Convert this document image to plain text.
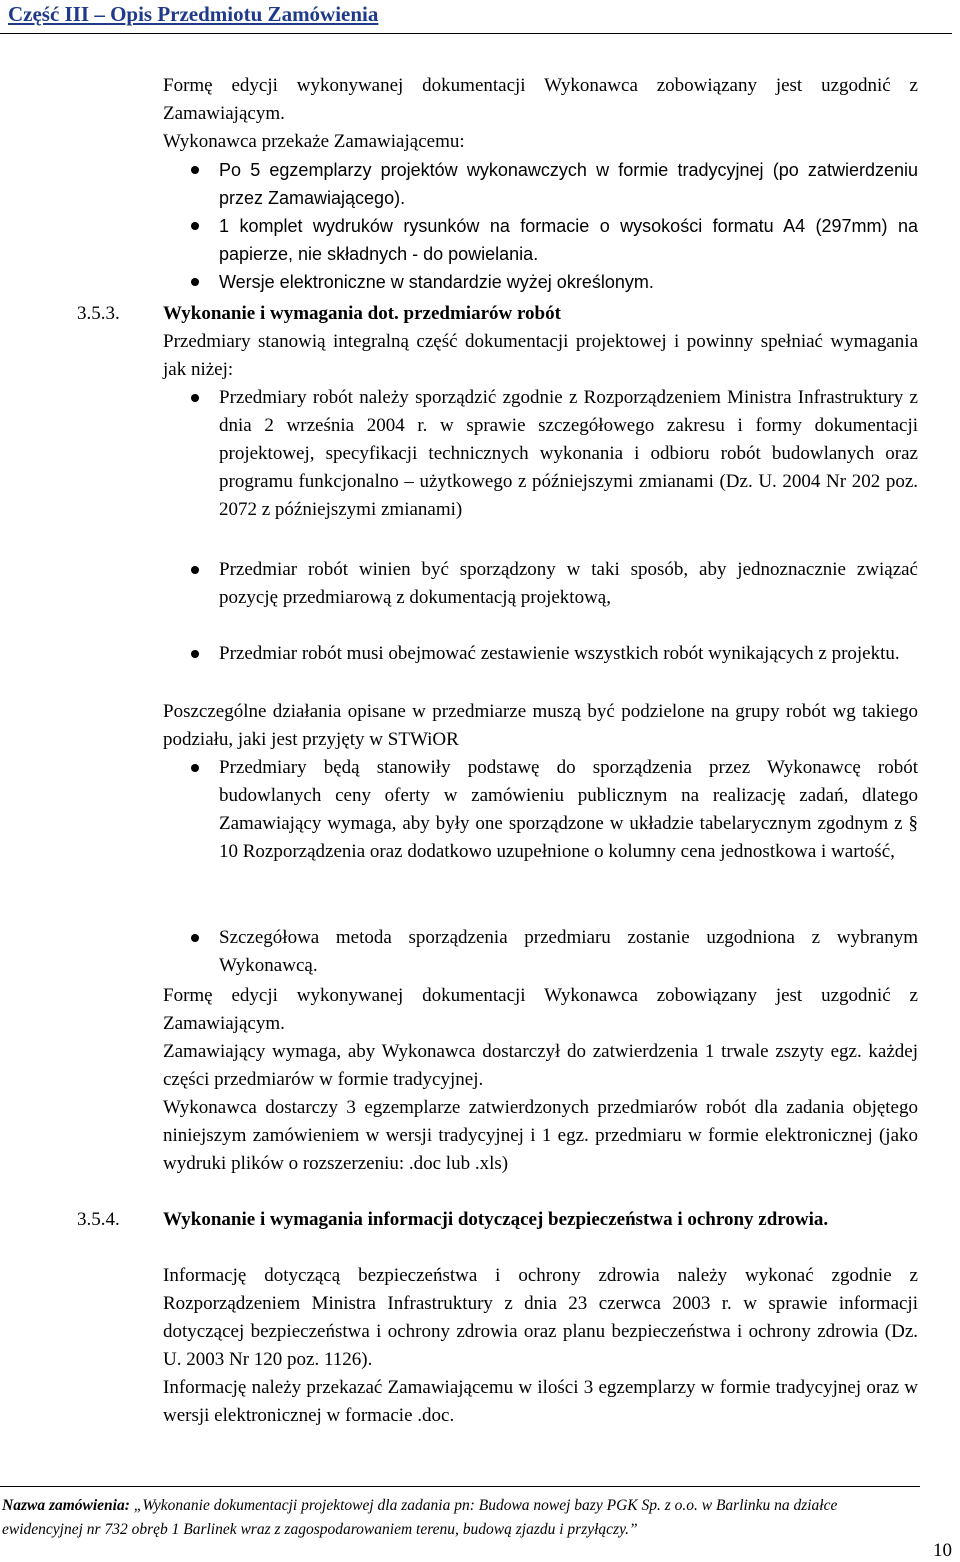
Część III – Opis Przedmiotu Zamówienia
Formę edycji wykonywanej dokumentacji Wykonawca zobowiązany jest uzgodnić z Zamawiającym.
Wykonawca przekaże Zamawiającemu:
Po 5 egzemplarzy projektów wykonawczych w formie tradycyjnej (po zatwierdzeniu przez Zamawiającego).
1 komplet wydruków rysunków na formacie o wysokości formatu A4 (297mm) na papierze, nie składnych - do powielania.
Wersje elektroniczne w standardzie wyżej określonym.
3.5.3. Wykonanie i wymagania dot. przedmiarów robót
Przedmiary stanowią integralną część dokumentacji projektowej i powinny spełniać wymagania jak niżej:
Przedmiary robót należy sporządzić zgodnie z Rozporządzeniem Ministra Infrastruktury z dnia 2 września 2004 r. w sprawie szczegółowego zakresu i formy dokumentacji projektowej, specyfikacji technicznych wykonania i odbioru robót budowlanych oraz programu funkcjonalno – użytkowego z późniejszymi zmianami (Dz. U. 2004 Nr 202 poz. 2072 z późniejszymi zmianami)
Przedmiar robót winien być sporządzony w taki sposób, aby jednoznacznie związać pozycję przedmiarową z dokumentacją projektową,
Przedmiar robót musi obejmować zestawienie wszystkich robót wynikających z projektu.
Poszczególne działania opisane w przedmiarze muszą być podzielone na grupy robót wg takiego podziału, jaki jest przyjęty w STWiOR
Przedmiary będą stanowiły podstawę do sporządzenia przez Wykonawcę robót budowlanych ceny oferty w zamówieniu publicznym na realizację zadań, dlatego Zamawiający wymaga, aby były one sporządzone w układzie tabelarycznym zgodnym z § 10 Rozporządzenia oraz dodatkowo uzupełnione o kolumny cena jednostkowa i wartość,
Szczegółowa metoda sporządzenia przedmiaru zostanie uzgodniona z wybranym Wykonawcą.
Formę edycji wykonywanej dokumentacji Wykonawca zobowiązany jest uzgodnić z Zamawiającym.
Zamawiający wymaga, aby Wykonawca dostarczył do zatwierdzenia 1 trwale zszyty egz. każdej części przedmiarów w formie tradycyjnej.
Wykonawca dostarczy 3 egzemplarze zatwierdzonych przedmiarów robót dla zadania objętego niniejszym zamówieniem w wersji tradycyjnej i 1 egz. przedmiaru w formie elektronicznej (jako wydruki plików o rozszerzeniu: .doc lub .xls)
3.5.4. Wykonanie i wymagania informacji dotyczącej bezpieczeństwa i ochrony zdrowia.
Informację dotyczącą bezpieczeństwa i ochrony zdrowia należy wykonać zgodnie z Rozporządzeniem Ministra Infrastruktury z dnia 23 czerwca 2003 r. w sprawie informacji dotyczącej bezpieczeństwa i ochrony zdrowia oraz planu bezpieczeństwa i ochrony zdrowia (Dz. U. 2003 Nr 120 poz. 1126).
Informację należy przekazać Zamawiającemu w ilości 3 egzemplarzy w formie tradycyjnej oraz w wersji elektronicznej w formacie .doc.
Nazwa zamówienia: „Wykonanie dokumentacji projektowej dla zadania pn: Budowa nowej bazy PGK Sp. z o.o. w Barlinku na działce ewidencyjnej nr 732 obręb 1 Barlinek wraz z zagospodarowaniem terenu, budową zjazdu i przyłączy.”
10
